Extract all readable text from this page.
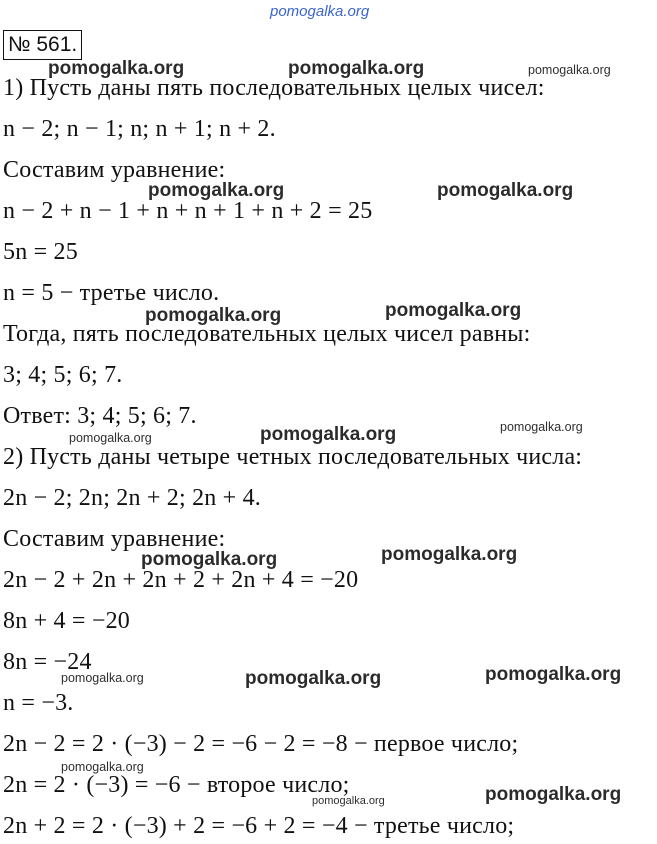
pomogalka.org
№ 561.
1) Пусть даны пять последовательных целых чисел:
n − 2; n − 1; n; n + 1; n + 2.
Составим уравнение:
n − 2 + n − 1 + n + n + 1 + n + 2 = 25
5n = 25
n = 5 − третье число.
Тогда, пять последовательных целых чисел равны:
3; 4; 5; 6; 7.
Ответ: 3; 4; 5; 6; 7.
2) Пусть даны четыре четных последовательных числа:
2n − 2; 2n; 2n + 2; 2n + 4.
Составим уравнение:
2n − 2 + 2n + 2n + 2 + 2n + 4 = −20
8n + 4 = −20
8n = −24
n = −3.
2n − 2 = 2 · (−3) − 2 = −6 − 2 = −8 − первое число;
2n = 2 · (−3) = −6 − второе число;
2n + 2 = 2 · (−3) + 2 = −6 + 2 = −4 − третье число;
pomogalka.org	pomogalka.org	pomogalka.org
pomogalka.org	pomogalka.org
pomogalka.org	pomogalka.org
pomogalka.org	pomogalka.org	pomogalka.org
pomogalka.org	pomogalka.org
pomogalka.org	pomogalka.org	pomogalka.org
pomogalka.org
pomogalka.org	pomogalka.org
